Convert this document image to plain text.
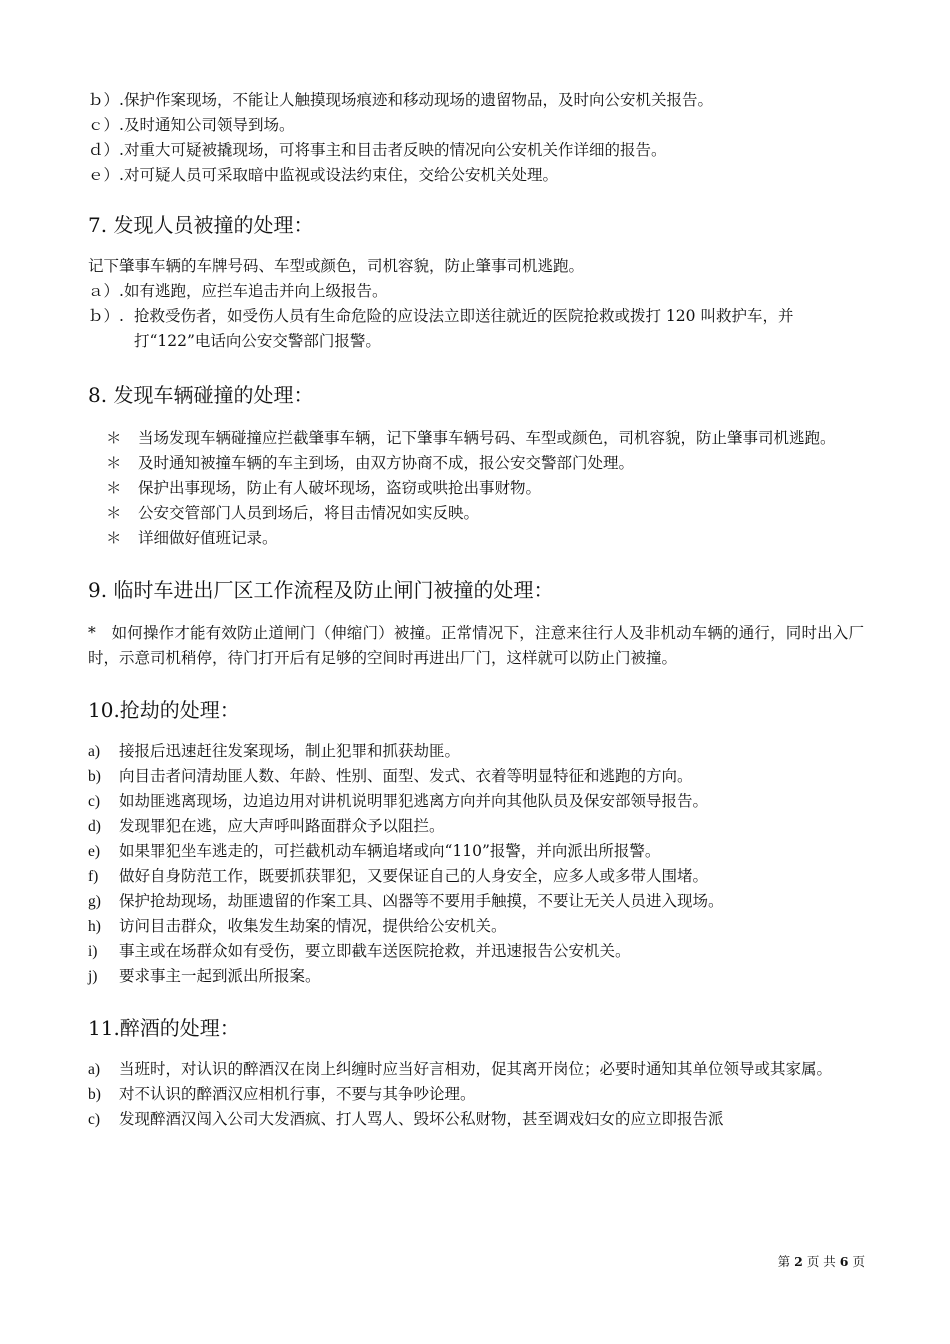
ｂ）.保护作案现场，不能让人触摸现场痕迹和移动现场的遗留物品，及时向公安机关报告。

ｃ）.及时通知公司领导到场。

ｄ）.对重大可疑被撬现场，可将事主和目击者反映的情况向公安机关作详细的报告。

ｅ）.对可疑人员可采取暗中监视或设法约束住，交给公安机关处理。

7. 发现人员被撞的处理：

记下肇事车辆的车牌号码、车型或颜色，司机容貌，防止肇事司机逃跑。

ａ）.如有逃跑，应拦车追击并向上级报告。

ｂ）. 抢救受伤者，如受伤人员有生命危险的应设法立即送往就近的医院抢救或拨打 120 叫救护车，并打“122”电话向公安交警部门报警。
8. 发现车辆碰撞的处理：
＊ 当场发现车辆碰撞应拦截肇事车辆，记下肇事车辆号码、车型或颜色，司机容貌，防止肇事司机逃跑。
＊ 及时通知被撞车辆的车主到场，由双方协商不成，报公安交警部门处理。
＊ 保护出事现场，防止有人破坏现场，盗窃或哄抢出事财物。
＊ 公安交管部门人员到场后，将目击情况如实反映。
＊ 详细做好值班记录。
9. 临时车进出厂区工作流程及防止闸门被撞的处理：

*　如何操作才能有效防止道闸门（伸缩门）被撞。正常情况下，注意来往行人及非机动车辆的通行，同时出入厂时，示意司机稍停，待门打开后有足够的空间时再进出厂门，这样就可以防止门被撞。

10.抢劫的处理：
a) 接报后迅速赶往发案现场，制止犯罪和抓获劫匪。
b) 向目击者问清劫匪人数、年龄、性别、面型、发式、衣着等明显特征和逃跑的方向。
c) 如劫匪逃离现场，边追边用对讲机说明罪犯逃离方向并向其他队员及保安部领导报告。
d) 发现罪犯在逃，应大声呼叫路面群众予以阻拦。
e) 如果罪犯坐车逃走的，可拦截机动车辆追堵或向“110”报警，并向派出所报警。
f) 做好自身防范工作，既要抓获罪犯，又要保证自己的人身安全，应多人或多带人围堵。
g) 保护抢劫现场，劫匪遗留的作案工具、凶器等不要用手触摸，不要让无关人员进入现场。
h) 访问目击群众，收集发生劫案的情况，提供给公安机关。
i) 事主或在场群众如有受伤，要立即截车送医院抢救，并迅速报告公安机关。
j) 要求事主一起到派出所报案。
11.醉酒的处理：
a) 当班时，对认识的醉酒汉在岗上纠缠时应当好言相劝，促其离开岗位；必要时通知其单位领导或其家属。
b) 对不认识的醉酒汉应相机行事，不要与其争吵论理。
c) 发现醉酒汉闯入公司大发酒疯、打人骂人、毁坏公私财物，甚至调戏妇女的应立即报告派
第 2 页 共 6 页
